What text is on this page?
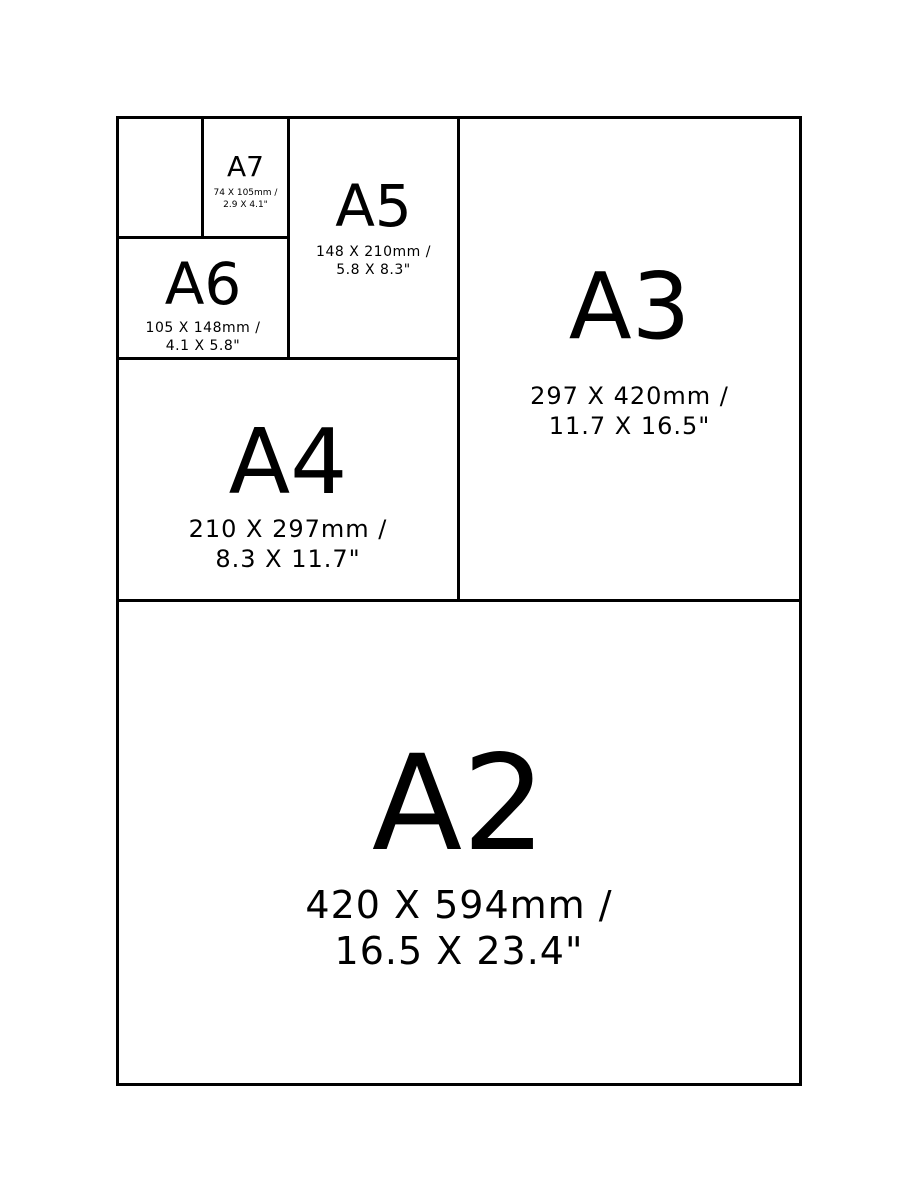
A2
420 X 594mm /
16.5 X 23.4"
A3
297 X 420mm /
11.7 X 16.5"
A4
210 X 297mm /
8.3 X 11.7"
A5
148 X 210mm /
5.8 X 8.3"
A6
105 X 148mm /
4.1 X 5.8"
A7
74 X 105mm /
2.9 X 4.1"
